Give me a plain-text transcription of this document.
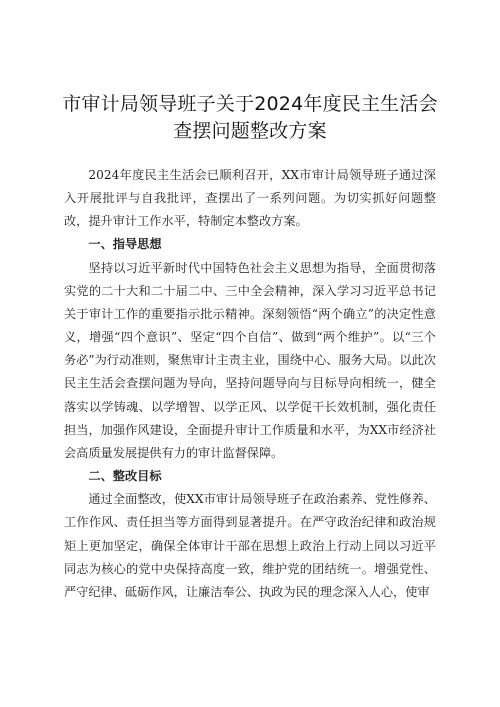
市审计局领导班子关于2024年度民主生活会
查摆问题整改方案

2024年度民主生活会已顺利召开，XX市审计局领导班子通过深入开展批评与自我批评，查摆出了一系列问题。为切实抓好问题整改，提升审计工作水平，特制定本整改方案。

一、指导思想

坚持以习近平新时代中国特色社会主义思想为指导，全面贯彻落实党的二十大和二十届二中、三中全会精神，深入学习习近平总书记关于审计工作的重要指示批示精神。深刻领悟“两个确立”的决定性意义，增强“四个意识”、坚定“四个自信”、做到“两个维护”。以“三个务必”为行动准则，聚焦审计主责主业，围绕中心、服务大局。以此次民主生活会查摆问题为导向，坚持问题导向与目标导向相统一，健全落实以学铸魂、以学增智、以学正风、以学促干长效机制，强化责任担当，加强作风建设，全面提升审计工作质量和水平，为XX市经济社会高质量发展提供有力的审计监督保障。

二、整改目标

通过全面整改，使XX市审计局领导班子在政治素养、党性修养、工作作风、责任担当等方面得到显著提升。在严守政治纪律和政治规矩上更加坚定，确保全体审计干部在思想上政治上行动上同以习近平同志为核心的党中央保持高度一致，维护党的团结统一。增强党性、严守纪律、砥砺作风，让廉洁奉公、执政为民的理念深入人心，使审
